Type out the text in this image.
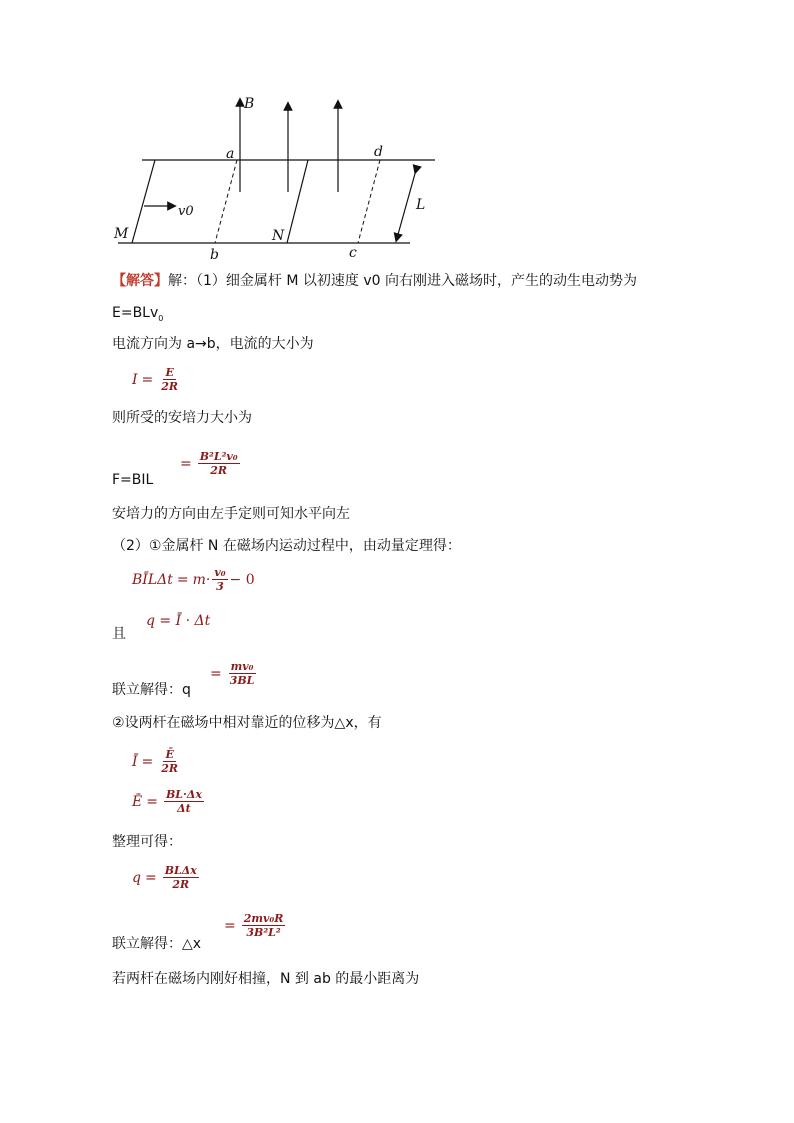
B
a	d
v0	L
M	N
b	c
【解答】解：（1）细金属杆 M 以初速度 v0 向右刚进入磁场时，产生的动生电动势为
E=BLv$_0$
电流方向为 a→b，电流的大小为
$I = \frac{E}{2R}$
则所受的安培力大小为
F=BIL
= $\frac{\text{B²L²v₀}}{2R}$
安培力的方向由左手定则可知水平向左
（2）①金属杆 N 在磁场内运动过程中，由动量定理得：
BĪLΔt = $m\cdot \frac{\text{v₀}}{3} - 0$
且
q = Ī · Δt
联立解得：q
= $\frac{\text{mv₀}}{3BL}$
②设两杆在磁场中相对靠近的位移为△x，有
Ī = $\frac{Ē}{2R}$
Ē = $\frac{BL\cdot\Delta x}{\Delta t}$
整理可得：
$q = \frac{\text{BLΔx}}{2R}$
联立解得：△x
= $\frac{\text{2mv₀R}}{\text{3B²L²}}$
若两杆在磁场内刚好相撞，N 到 ab 的最小距离为
